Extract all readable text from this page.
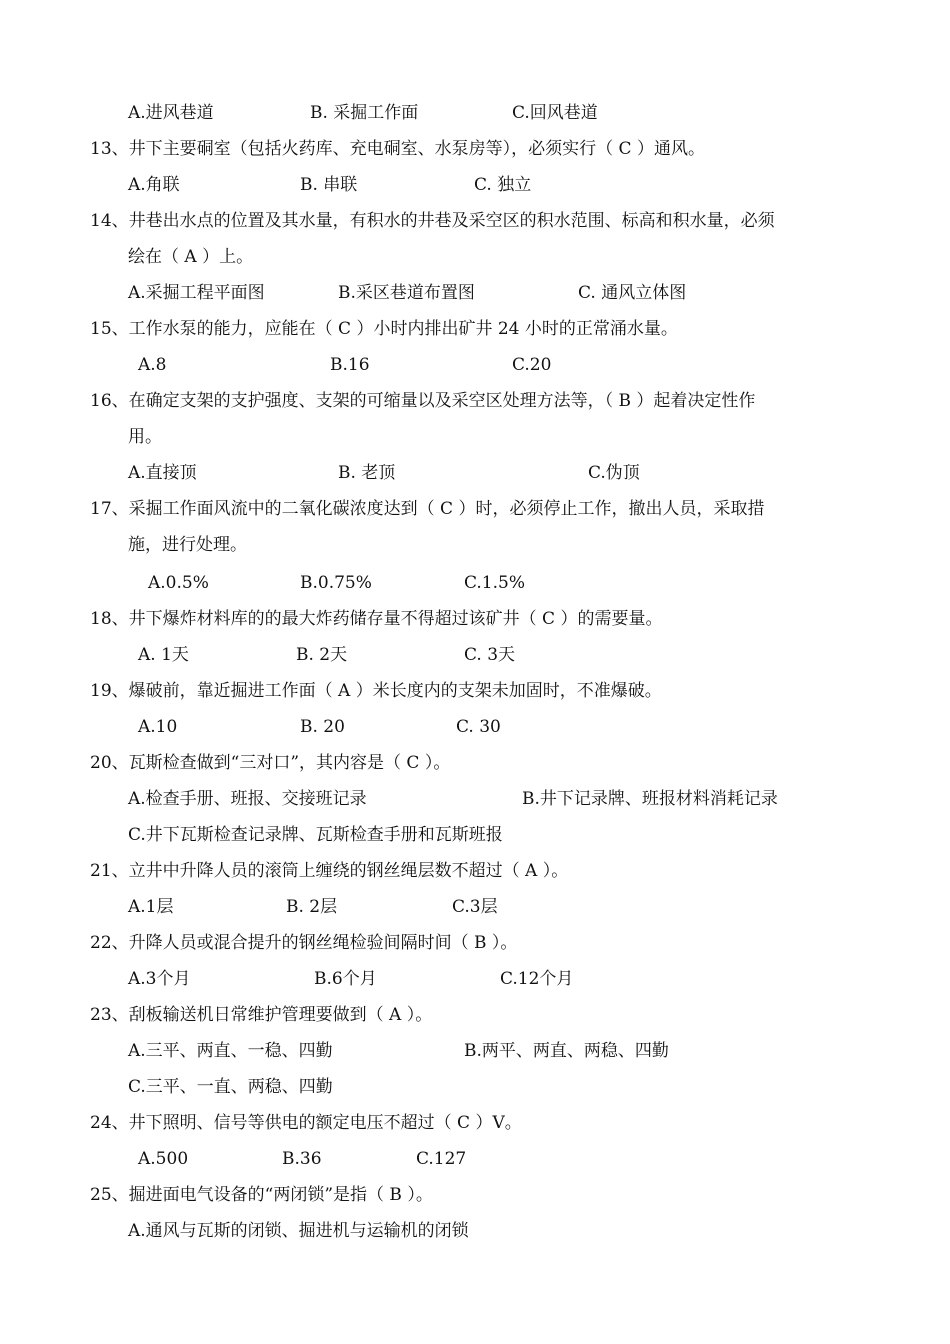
A.进风巷道	B. 采掘工作面	C.回风巷道
13、井下主要硐室（包括火药库、充电硐室、水泵房等），必须实行（ C ）通风。
A.角联	B. 串联	C. 独立
14、井巷出水点的位置及其水量，有积水的井巷及采空区的积水范围、标高和积水量，必须
绘在（ A ）上。
A.采掘工程平面图	B.采区巷道布置图	C. 通风立体图
15、工作水泵的能力，应能在（ C ）小时内排出矿井 24 小时的正常涌水量。
A.8	B.16	C.20
16、在确定支架的支护强度、支架的可缩量以及采空区处理方法等，（ B ）起着决定性作
用。
A.直接顶	B. 老顶	C.伪顶
17、采掘工作面风流中的二氧化碳浓度达到（ C ）时，必须停止工作，撤出人员，采取措
施，进行处理。
A.0.5%	B.0.75%	C.1.5%
18、井下爆炸材料库的的最大炸药储存量不得超过该矿井（ C ）的需要量。
A. 1天	B. 2天	C. 3天
19、爆破前，靠近掘进工作面（ A ）米长度内的支架未加固时，不准爆破。
A.10	B. 20	C. 30
20、瓦斯检查做到“三对口”，其内容是（ C ）。
A.检查手册、班报、交接班记录	B.井下记录牌、班报材料消耗记录
C.井下瓦斯检查记录牌、瓦斯检查手册和瓦斯班报
21、立井中升降人员的滚筒上缠绕的钢丝绳层数不超过（ A ）。
A.1层	B. 2层	C.3层
22、升降人员或混合提升的钢丝绳检验间隔时间（ B ）。
A.3个月	B.6个月	C.12个月
23、刮板输送机日常维护管理要做到（ A ）。
A.三平、两直、一稳、四勤	B.两平、两直、两稳、四勤
C.三平、一直、两稳、四勤
24、井下照明、信号等供电的额定电压不超过（ C ）V。
A.500	B.36	C.127
25、掘进面电气设备的“两闭锁”是指（ B ）。
A.通风与瓦斯的闭锁、掘进机与运输机的闭锁
